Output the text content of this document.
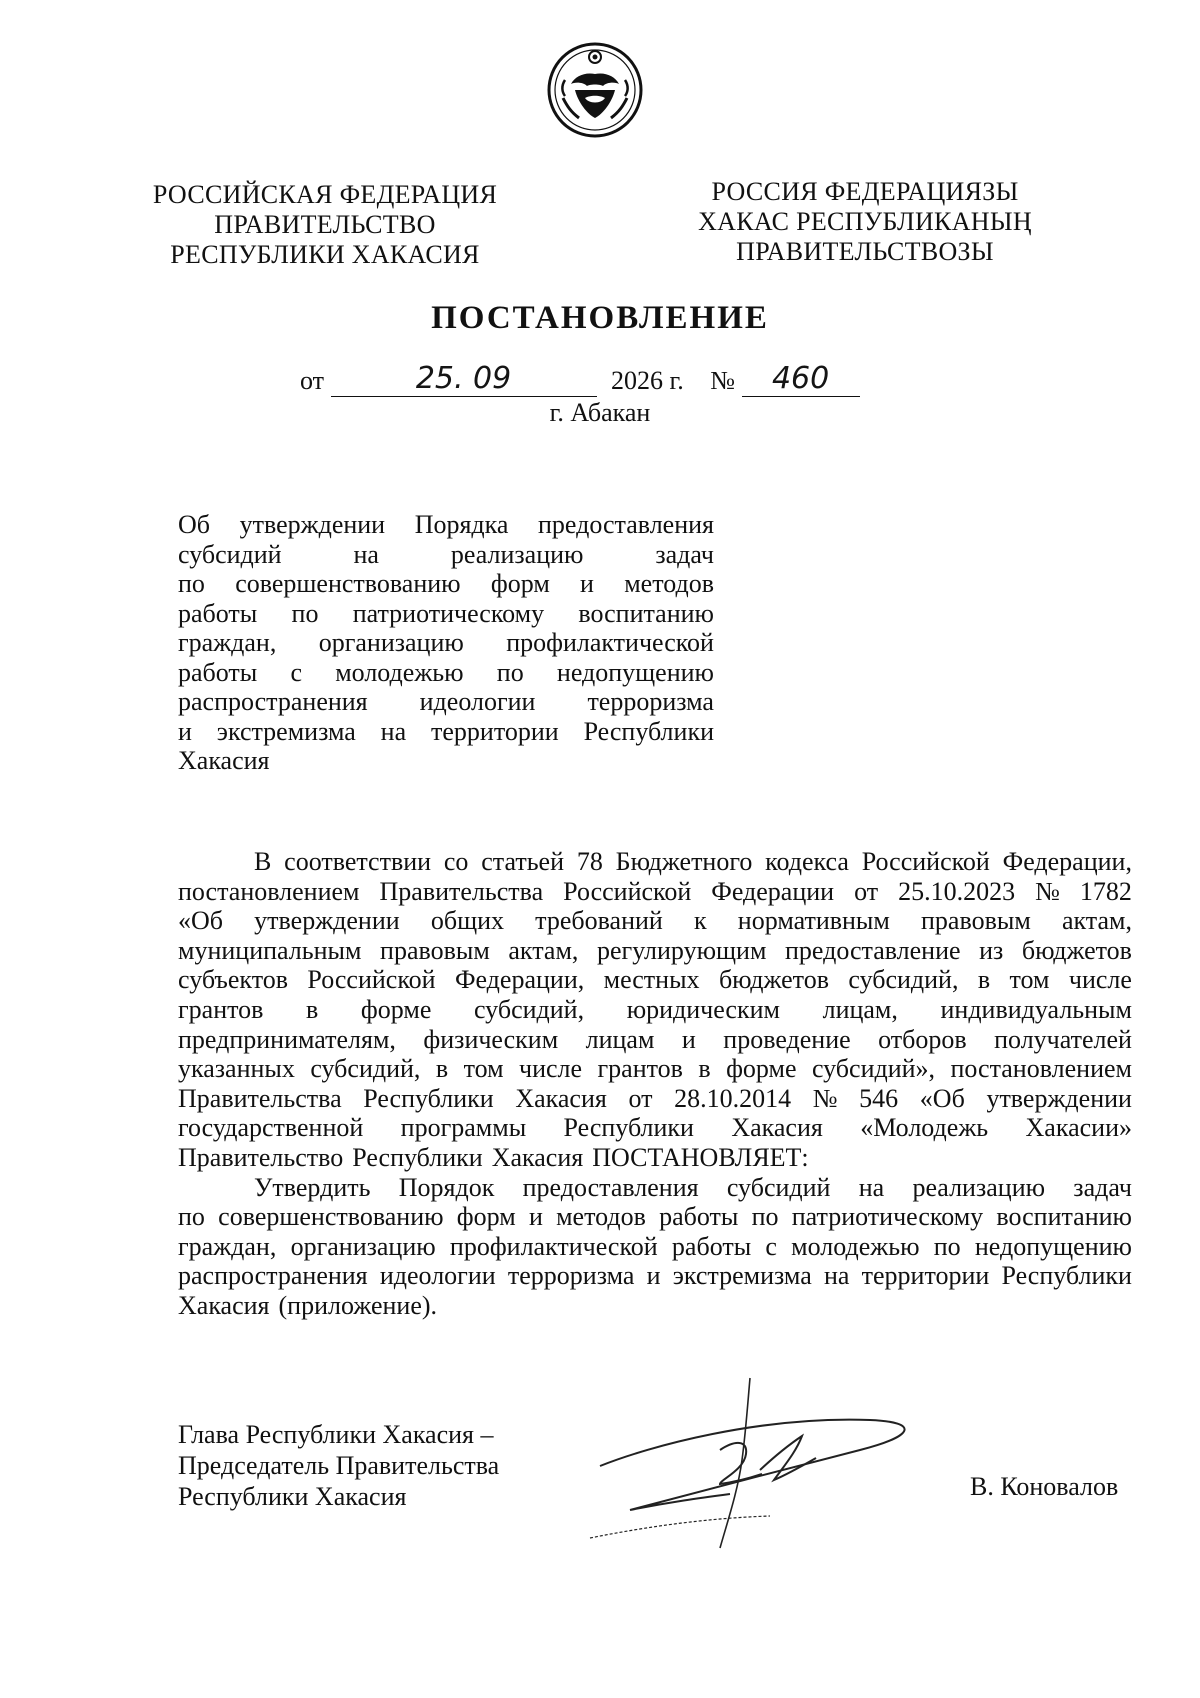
РОССИЙСКАЯ ФЕДЕРАЦИЯ
ПРАВИТЕЛЬСТВО
РЕСПУБЛИКИ ХАКАСИЯ
РОССИЯ ФЕДЕРАЦИЯЗЫ
ХАКАС РЕСПУБЛИКАНЫҢ
ПРАВИТЕЛЬСТВОЗЫ
ПОСТАНОВЛЕНИЕ
от	25. 09	2026 г. № 460
г. Абакан
Об утверждении Порядка предоставления
субсидий	на	реализацию	задач
по совершенствованию форм и методов
работы по патриотическому воспитанию
граждан, организацию профилактической
работы с молодежью по недопущению
распространения идеологии терроризма
и экстремизма на территории Республики
Хакасия
В соответствии со статьей 78 Бюджетного кодекса Российской Федерации,
постановлением Правительства Российской Федерации от 25.10.2023 № 1782
«Об утверждении общих требований к нормативным правовым актам,
муниципальным правовым актам, регулирующим предоставление из бюджетов
субъектов Российской Федерации, местных бюджетов субсидий, в том числе
грантов в форме субсидий, юридическим лицам, индивидуальным
предпринимателям, физическим лицам и проведение отборов получателей
указанных субсидий, в том числе грантов в форме субсидий», постановлением
Правительства Республики Хакасия от 28.10.2014 № 546 «Об утверждении
государственной программы Республики Хакасия «Молодежь Хакасии»
Правительство Республики Хакасия ПОСТАНОВЛЯЕТ:
Утвердить Порядок предоставления субсидий на реализацию задач
по совершенствованию форм и методов работы по патриотическому воспитанию
граждан, организацию профилактической работы с молодежью по недопущению
распространения идеологии терроризма и экстремизма на территории Республики
Хакасия (приложение).
Глава Республики Хакасия –
Председатель Правительства
Республики Хакасия	В. Коновалов
